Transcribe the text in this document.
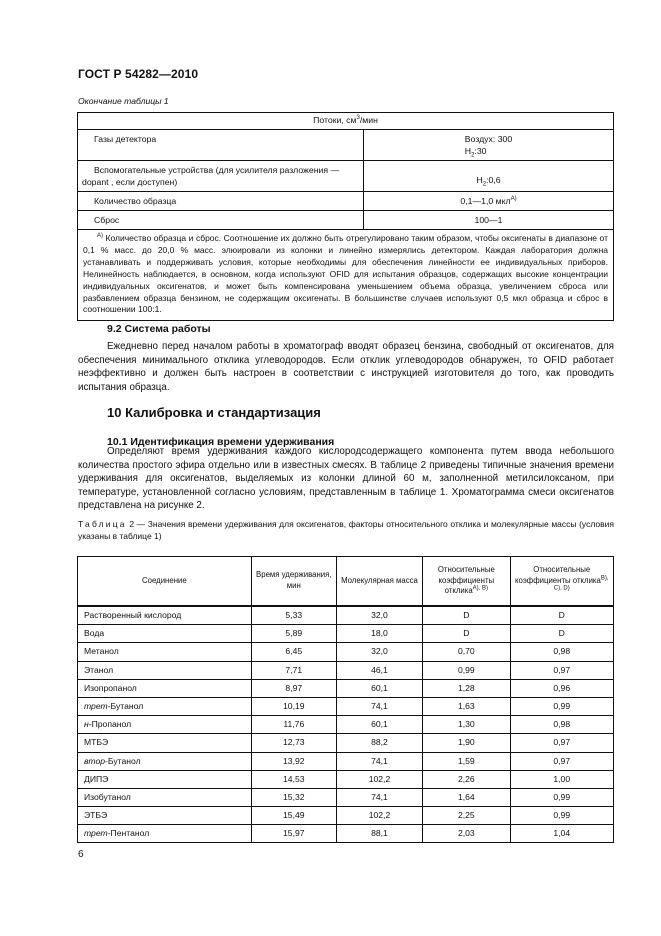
ГОСТ Р 54282—2010
Окончание таблицы 1
Потоки, $см^3$/мин	
Газы детектора	Воздух: 300
$H_2:30$
Вспомогательные устройства (для усилителя разложения — dopant , если доступен)	$H_2:0,6$
Количество образца	0,1—1,0 мкл$^{А)}$
Сброс	100—1
$^{А)}$ Количество образца и сброс. Соотношение их должно быть отрегулировано таким образом, чтобы оксигенаты в диапазоне от 0,1 % масс. до 20,0 % масс. элюировали из колонки и линейно измерялись детектором. Каждая лаборатория должна устанавливать и поддерживать условия, которые необходимы для обеспечения линейности ее индивидуальных приборов. Нелинейность наблюдается, в основном, когда используют OFID для испытания образцов, содержащих высокие концентрации индивидуальных оксигенатов, и может быть компенсирована уменьшением объема образца, увеличением сброса или разбавлением образца бензином, не содержащим оксигенаты. В большинстве случаев используют 0,5 мкл образца и сброс в соотношении 100:1.	
9.2 Система работы
Ежедневно перед началом работы в хроматограф вводят образец бензина, свободный от оксигенатов, для обеспечения минимального отклика углеводородов. Если отклик углеводородов обнаружен, то OFID работает неэффективно и должен быть настроен в соответствии с инструкцией изготовителя до того, как проводить испытания образца.
10 Калибровка и стандартизация
10.1 Идентификация времени удерживания
Определяют время удерживания каждого кислородсодержащего компонента путем ввода небольшого количества простого эфира отдельно или в известных смесях. В таблице 2 приведены типичные значения времени удерживания для оксигенатов, выделяемых из колонки длиной 60 м, заполненной метилсилоксаном, при температуре, установленной согласно условиям, представленным в таблице 1. Хроматограмма смеси оксигенатов представлена на рисунке 2.
Таблица 2 — Значения времени удерживания для оксигенатов, факторы относительного отклика и молекулярные массы (условия указаны в таблице 1)
Соединение	Время удерживания, мин	Молекулярная масса	Относительные коэффициенты отклика$^{А), В)}$	Относительные коэффициенты отклика$^{В), С), D)}$
Растворенный кислород	5,33	32,0	D	D
Вода	5,89	18,0	D	D
Метанол	6,45	32,0	0,70	0,98
Этанол	7,71	46,1	0,99	0,97
Изопропанол	8,97	60,1	1,28	0,96
трет-Бутанол	10,19	74,1	1,63	0,99
н-Пропанол	11,76	60,1	1,30	0,98
МТБЭ	12,73	88,2	1,90	0,97
втор-Бутанол	13,92	74,1	1,59	0,97
ДИПЭ	14,53	102,2	2,26	1,00
Изобутанол	15,32	74,1	1,64	0,99
ЭТБЭ	15,49	102,2	2,25	0,99
трет-Пентанол	15,97	88,1	2,03	1,04
6
